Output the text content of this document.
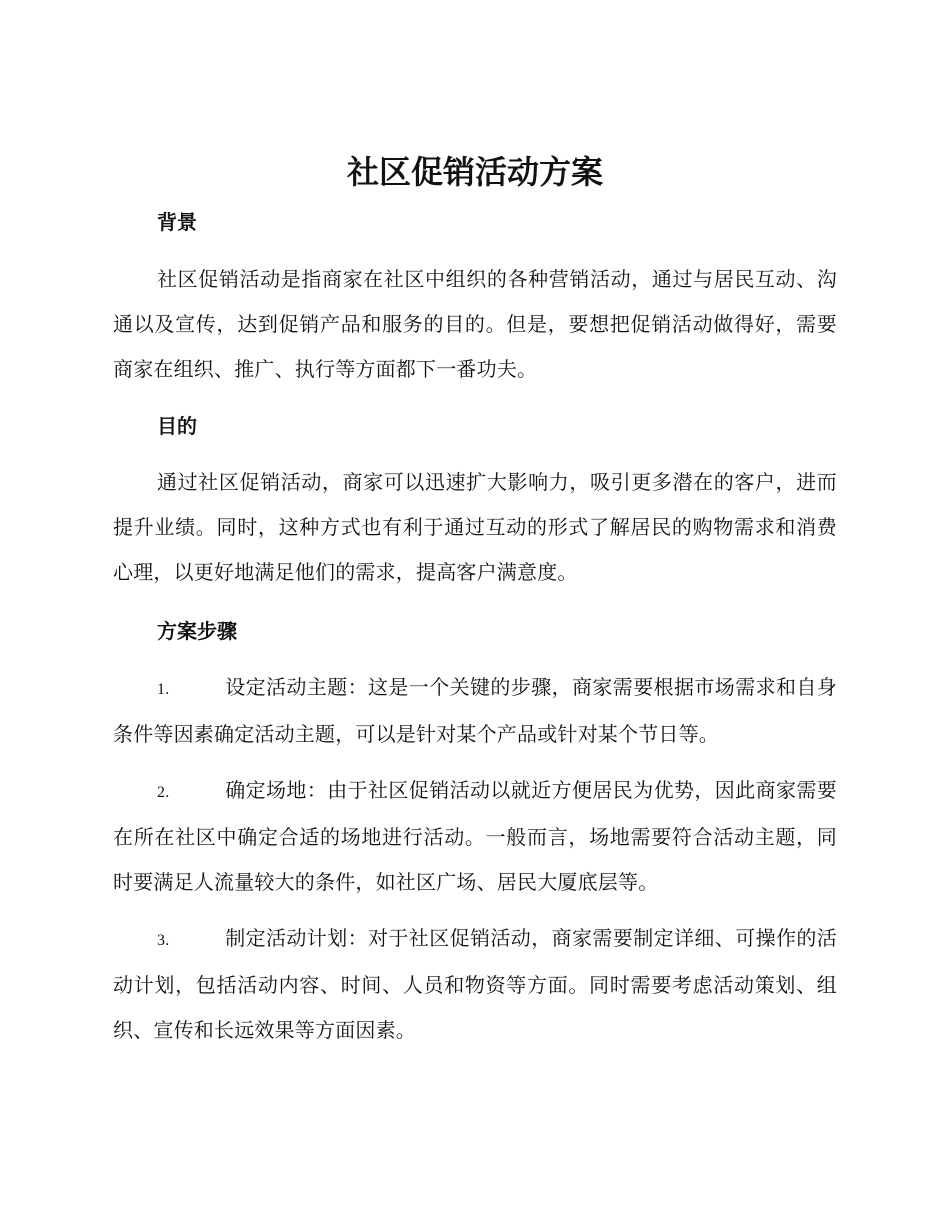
社区促销活动方案
背景

社区促销活动是指商家在社区中组织的各种营销活动，通过与居民互动、沟通以及宣传，达到促销产品和服务的目的。但是，要想把促销活动做得好，需要商家在组织、推广、执行等方面都下一番功夫。

目的

通过社区促销活动，商家可以迅速扩大影响力，吸引更多潜在的客户，进而提升业绩。同时，这种方式也有利于通过互动的形式了解居民的购物需求和消费心理，以更好地满足他们的需求，提高客户满意度。

方案步骤

1.	设定活动主题：这是一个关键的步骤，商家需要根据市场需求和自身条件等因素确定活动主题，可以是针对某个产品或针对某个节日等。

2.	确定场地：由于社区促销活动以就近方便居民为优势，因此商家需要在所在社区中确定合适的场地进行活动。一般而言，场地需要符合活动主题，同时要满足人流量较大的条件，如社区广场、居民大厦底层等。

3.	制定活动计划：对于社区促销活动，商家需要制定详细、可操作的活动计划，包括活动内容、时间、人员和物资等方面。同时需要考虑活动策划、组织、宣传和长远效果等方面因素。
